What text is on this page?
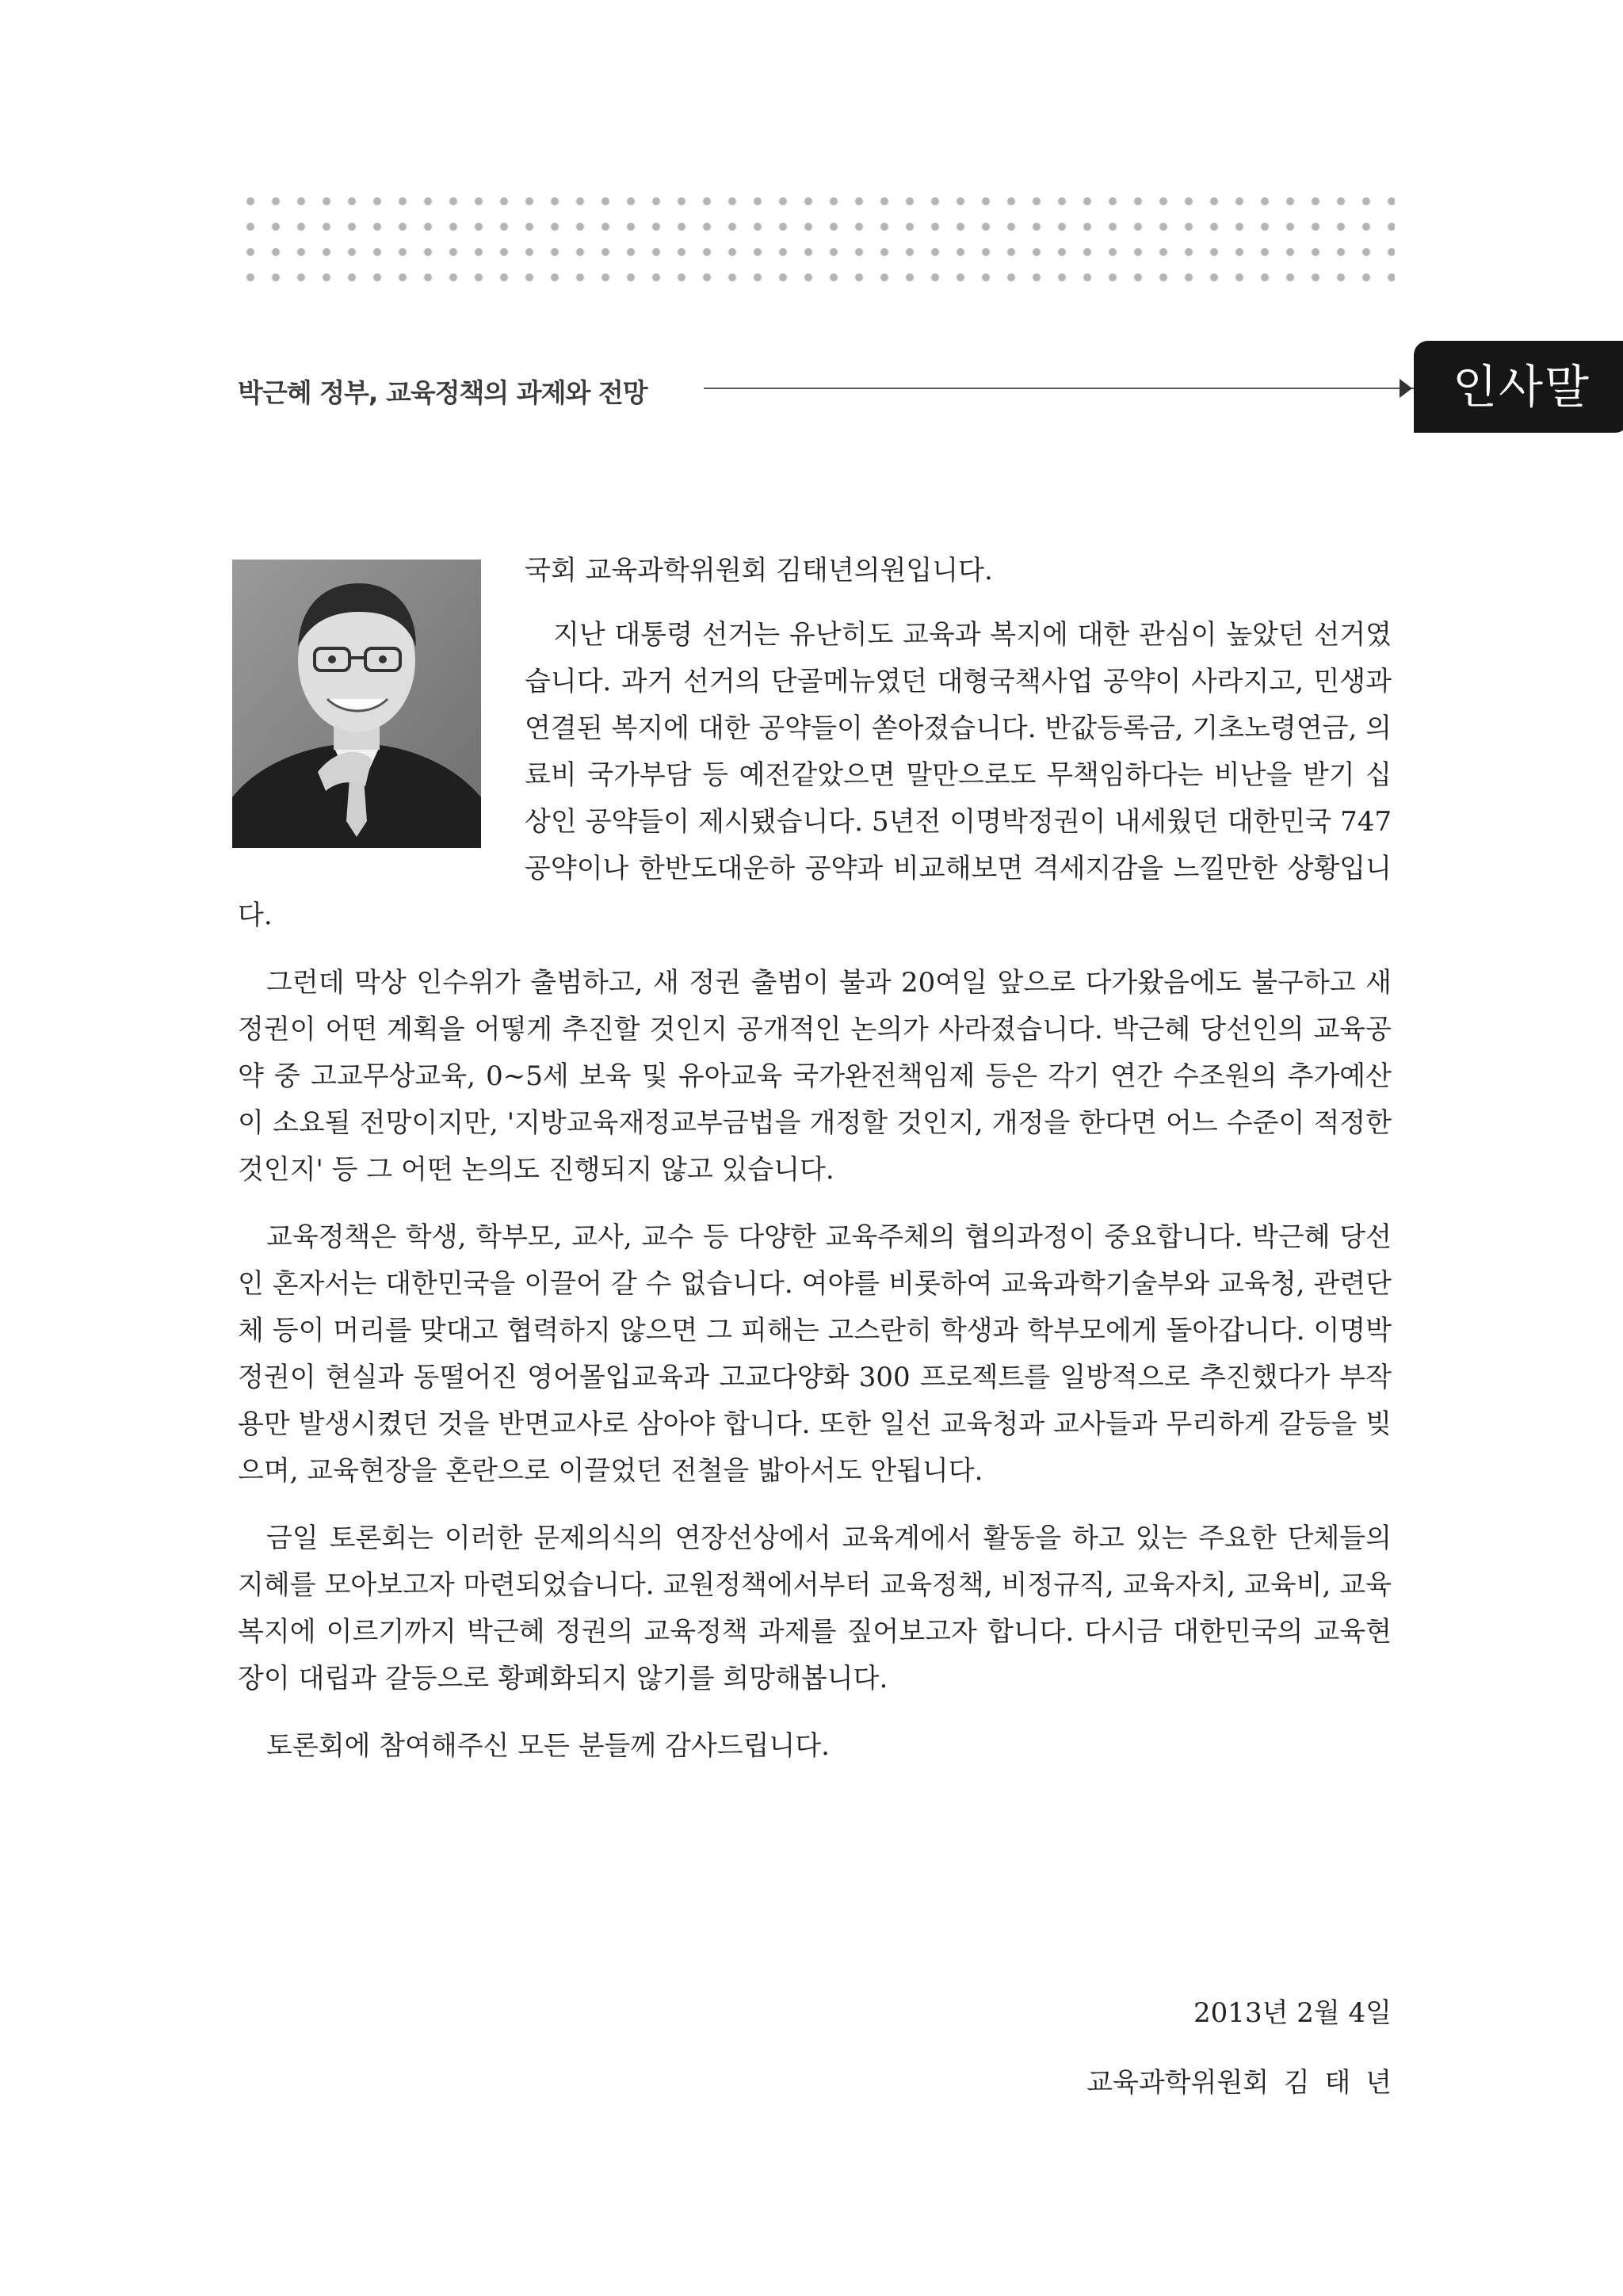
박근혜 정부, 교육정책의 과제와 전망	인사말
국회 교육과학위원회 김태년의원입니다.

지난 대통령 선거는 유난히도 교육과 복지에 대한 관심이 높았던 선거였습니다. 과거 선거의 단골메뉴였던 대형국책사업 공약이 사라지고, 민생과 연결된 복지에 대한 공약들이 쏟아졌습니다. 반값등록금, 기초노령연금, 의료비 국가부담 등 예전같았으면 말만으로도 무책임하다는 비난을 받기 십상인 공약들이 제시됐습니다. 5년전 이명박정권이 내세웠던 대한민국 747 공약이나 한반도대운하 공약과 비교해보면 격세지감을 느낄만한 상황입니다.

그런데 막상 인수위가 출범하고, 새 정권 출범이 불과 20여일 앞으로 다가왔음에도 불구하고 새 정권이 어떤 계획을 어떻게 추진할 것인지 공개적인 논의가 사라졌습니다. 박근혜 당선인의 교육공약 중 고교무상교육, 0~5세 보육 및 유아교육 국가완전책임제 등은 각기 연간 수조원의 추가예산이 소요될 전망이지만, '지방교육재정교부금법을 개정할 것인지, 개정을 한다면 어느 수준이 적정한 것인지' 등 그 어떤 논의도 진행되지 않고 있습니다.

교육정책은 학생, 학부모, 교사, 교수 등 다양한 교육주체의 협의과정이 중요합니다. 박근혜 당선인 혼자서는 대한민국을 이끌어 갈 수 없습니다. 여야를 비롯하여 교육과학기술부와 교육청, 관련단체 등이 머리를 맞대고 협력하지 않으면 그 피해는 고스란히 학생과 학부모에게 돌아갑니다. 이명박 정권이 현실과 동떨어진 영어몰입교육과 고교다양화 300 프로젝트를 일방적으로 추진했다가 부작용만 발생시켰던 것을 반면교사로 삼아야 합니다. 또한 일선 교육청과 교사들과 무리하게 갈등을 빚으며, 교육현장을 혼란으로 이끌었던 전철을 밟아서도 안됩니다.

금일 토론회는 이러한 문제의식의 연장선상에서 교육계에서 활동을 하고 있는 주요한 단체들의 지혜를 모아보고자 마련되었습니다. 교원정책에서부터 교육정책, 비정규직, 교육자치, 교육비, 교육복지에 이르기까지 박근혜 정권의 교육정책 과제를 짚어보고자 합니다. 다시금 대한민국의 교육현장이 대립과 갈등으로 황폐화되지 않기를 희망해봅니다.

토론회에 참여해주신 모든 분들께 감사드립니다.

2013년 2월 4일
교육과학위원회 김 태 년
